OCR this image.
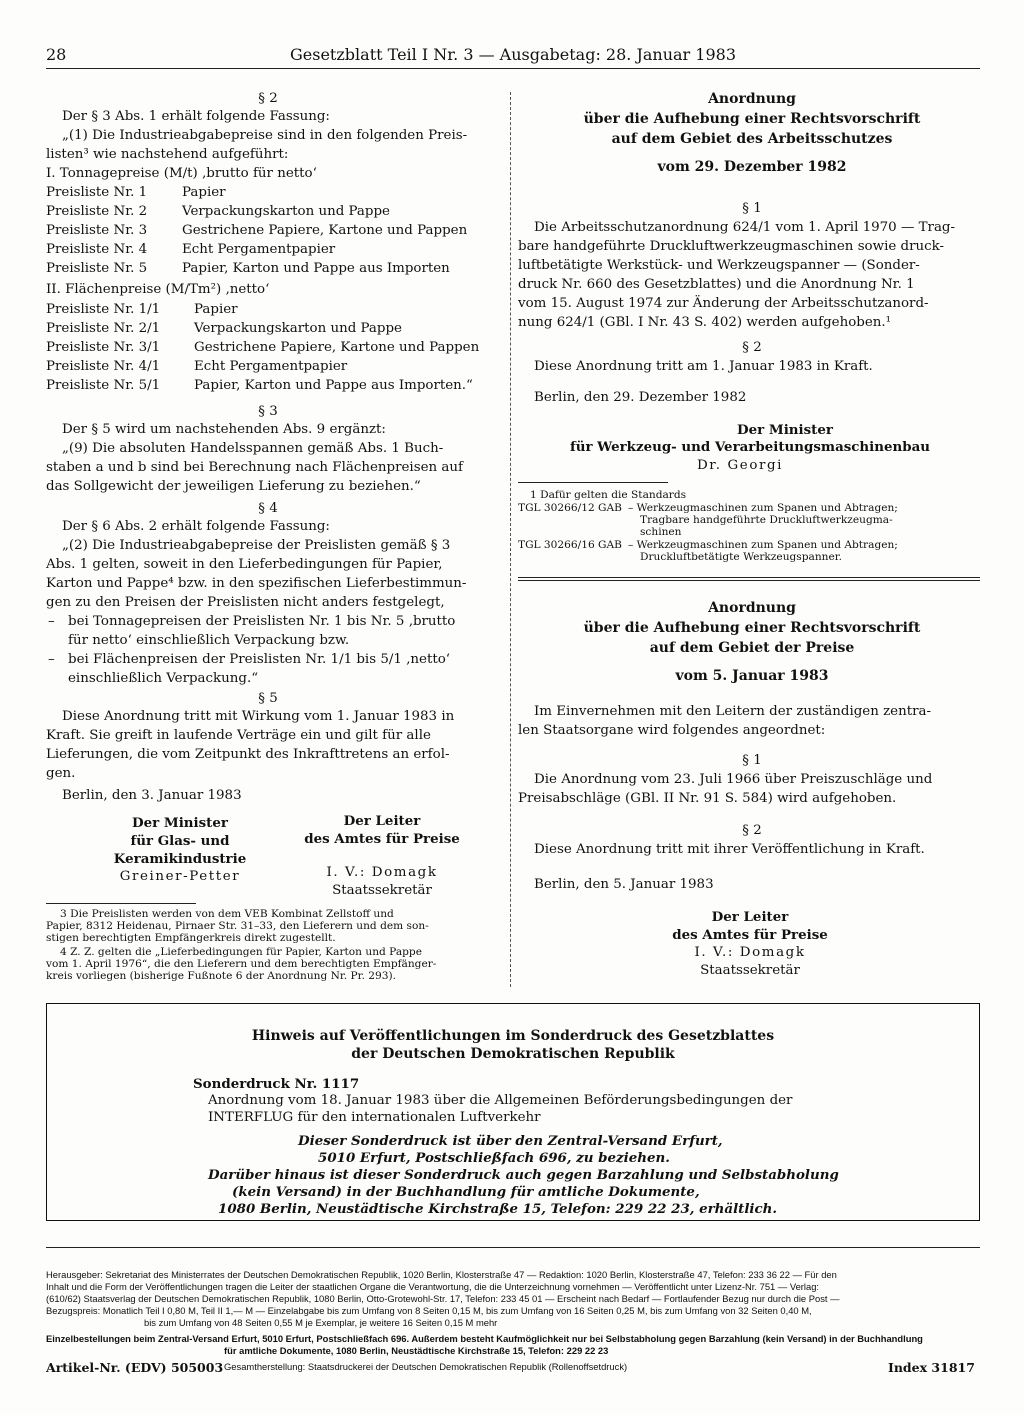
28	Gesetzblatt Teil I Nr. 3 — Ausgabetag: 28. Januar 1983
§ 2
Der § 3 Abs. 1 erhält folgende Fassung:
„(1) Die Industrieabgabepreise sind in den folgenden Preis-
listen³ wie nachstehend aufgeführt:
I. Tonnagepreise (M/t) ‚brutto für netto‘
Preisliste Nr. 1	Papier
Preisliste Nr. 2	Verpackungskarton und Pappe
Preisliste Nr. 3	Gestrichene Papiere, Kartone und Pappen
Preisliste Nr. 4	Echt Pergamentpapier
Preisliste Nr. 5	Papier, Karton und Pappe aus Importen
II. Flächenpreise (M/Tm²) ‚netto‘
Preisliste Nr. 1/1	Papier
Preisliste Nr. 2/1	Verpackungskarton und Pappe
Preisliste Nr. 3/1	Gestrichene Papiere, Kartone und Pappen
Preisliste Nr. 4/1	Echt Pergamentpapier
Preisliste Nr. 5/1	Papier, Karton und Pappe aus Importen.“
§ 3
Der § 5 wird um nachstehenden Abs. 9 ergänzt:
„(9) Die absoluten Handelsspannen gemäß Abs. 1 Buch-
staben a und b sind bei Berechnung nach Flächenpreisen auf
das Sollgewicht der jeweiligen Lieferung zu beziehen.“
§ 4
Der § 6 Abs. 2 erhält folgende Fassung:
„(2) Die Industrieabgabepreise der Preislisten gemäß § 3
Abs. 1 gelten, soweit in den Lieferbedingungen für Papier,
Karton und Pappe⁴ bzw. in den spezifischen Lieferbestimmun-
gen zu den Preisen der Preislisten nicht anders festgelegt,
– bei Tonnagepreisen der Preislisten Nr. 1 bis Nr. 5 ‚brutto
für netto‘ einschließlich Verpackung bzw.
– bei Flächenpreisen der Preislisten Nr. 1/1 bis 5/1 ‚netto‘
einschließlich Verpackung.“
§ 5
Diese Anordnung tritt mit Wirkung vom 1. Januar 1983 in
Kraft. Sie greift in laufende Verträge ein und gilt für alle
Lieferungen, die vom Zeitpunkt des Inkrafttretens an erfol-
gen.
Berlin, den 3. Januar 1983
Der Minister
für Glas- und
Keramikindustrie
Greiner-Petter
Der Leiter
des Amtes für Preise
I. V.: Domagk
Staatssekretär
3 Die Preislisten werden von dem VEB Kombinat Zellstoff und
Papier, 8312 Heidenau, Pirnaer Str. 31–33, den Lieferern und dem son-
stigen berechtigten Empfängerkreis direkt zugestellt.
4 Z. Z. gelten die „Lieferbedingungen für Papier, Karton und Pappe
vom 1. April 1976“, die den Lieferern und dem berechtigten Empfänger-
kreis vorliegen (bisherige Fußnote 6 der Anordnung Nr. Pr. 293).
Anordnung
über die Aufhebung einer Rechtsvorschrift
auf dem Gebiet des Arbeitsschutzes
vom 29. Dezember 1982
§ 1
Die Arbeitsschutzanordnung 624/1 vom 1. April 1970 — Trag-
bare handgeführte Druckluftwerkzeugmaschinen sowie druck-
luftbetätigte Werkstück- und Werkzeugspanner — (Sonder-
druck Nr. 660 des Gesetzblattes) und die Anordnung Nr. 1
vom 15. August 1974 zur Änderung der Arbeitsschutzanord-
nung 624/1 (GBl. I Nr. 43 S. 402) werden aufgehoben.¹
§ 2
Diese Anordnung tritt am 1. Januar 1983 in Kraft.
Berlin, den 29. Dezember 1982
Der Minister
für Werkzeug- und Verarbeitungsmaschinenbau
Dr. Georgi
1 Dafür gelten die Standards
TGL 30266/12 GAB – Werkzeugmaschinen zum Spanen und Abtragen;
Tragbare handgeführte Druckluftwerkzeugma-
schinen
TGL 30266/16 GAB – Werkzeugmaschinen zum Spanen und Abtragen;
Druckluftbetätigte Werkzeugspanner.
Anordnung
über die Aufhebung einer Rechtsvorschrift
auf dem Gebiet der Preise
vom 5. Januar 1983
Im Einvernehmen mit den Leitern der zuständigen zentra-
len Staatsorgane wird folgendes angeordnet:
§ 1
Die Anordnung vom 23. Juli 1966 über Preiszuschläge und
Preisabschläge (GBl. II Nr. 91 S. 584) wird aufgehoben.
§ 2
Diese Anordnung tritt mit ihrer Veröffentlichung in Kraft.
Berlin, den 5. Januar 1983
Der Leiter
des Amtes für Preise
I. V.: Domagk
Staatssekretär
Hinweis auf Veröffentlichungen im Sonderdruck des Gesetzblattes
der Deutschen Demokratischen Republik
Sonderdruck Nr. 1117
Anordnung vom 18. Januar 1983 über die Allgemeinen Beförderungsbedingungen der
INTERFLUG für den internationalen Luftverkehr
Dieser Sonderdruck ist über den Zentral-Versand Erfurt,
5010 Erfurt, Postschließfach 696, zu beziehen.
Darüber hinaus ist dieser Sonderdruck auch gegen Barzahlung und Selbstabholung
(kein Versand) in der Buchhandlung für amtliche Dokumente,
1080 Berlin, Neustädtische Kirchstraße 15, Telefon: 229 22 23, erhältlich.
Herausgeber: Sekretariat des Ministerrates der Deutschen Demokratischen Republik, 1020 Berlin, Klosterstraße 47 — Redaktion: 1020 Berlin, Klosterstraße 47, Telefon: 233 36 22 — Für den
Inhalt und die Form der Veröffentlichungen tragen die Leiter der staatlichen Organe die Verantwortung, die die Unterzeichnung vornehmen — Veröffentlicht unter Lizenz-Nr. 751 — Verlag:
(610/62) Staatsverlag der Deutschen Demokratischen Republik, 1080 Berlin, Otto-Grotewohl-Str. 17, Telefon: 233 45 01 — Erscheint nach Bedarf — Fortlaufender Bezug nur durch die Post —
Bezugspreis: Monatlich Teil I 0,80 M, Teil II 1,— M — Einzelabgabe bis zum Umfang von 8 Seiten 0,15 M, bis zum Umfang von 16 Seiten 0,25 M, bis zum Umfang von 32 Seiten 0,40 M,
bis zum Umfang von 48 Seiten 0,55 M je Exemplar, je weitere 16 Seiten 0,15 M mehr
Einzelbestellungen beim Zentral-Versand Erfurt, 5010 Erfurt, Postschließfach 696. Außerdem besteht Kaufmöglichkeit nur bei Selbstabholung gegen Barzahlung (kein Versand) in der Buchhandlung
für amtliche Dokumente, 1080 Berlin, Neustädtische Kirchstraße 15, Telefon: 229 22 23
Artikel-Nr. (EDV) 505003 Gesamtherstellung: Staatsdruckerei der Deutschen Demokratischen Republik (Rollenoffsetdruck)	Index 31817
